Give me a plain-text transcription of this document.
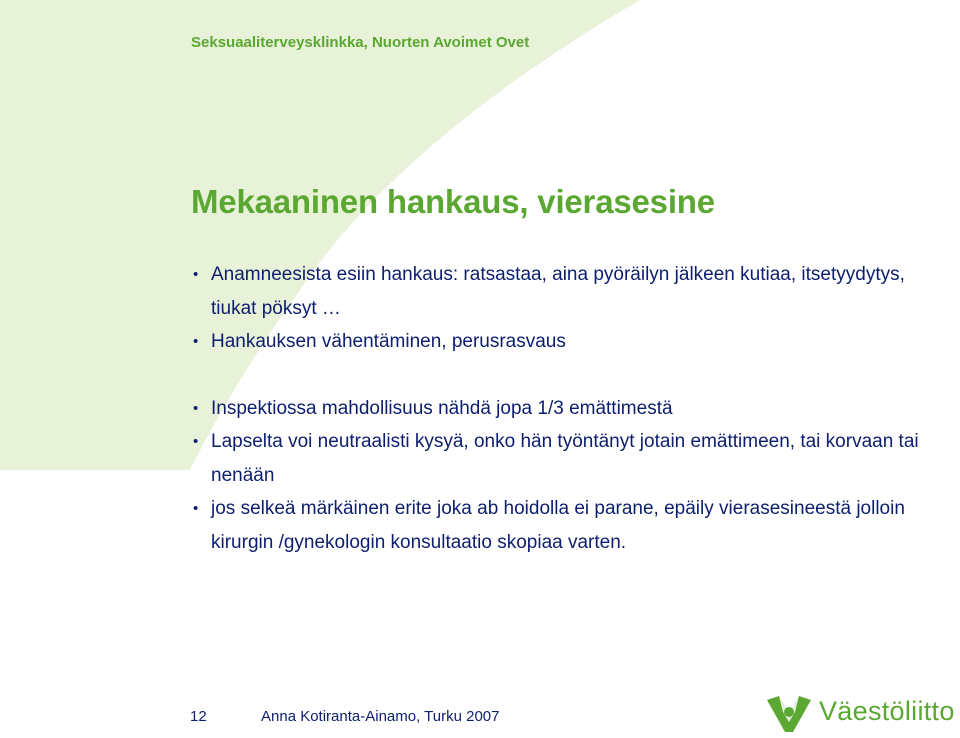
Seksuaaliterveysklinkka, Nuorten Avoimet Ovet
Mekaaninen hankaus, vierasesine
• Anamneesista esiin hankaus: ratsastaa, aina pyöräilyn jälkeen kutiaa, itsetyydytys, tiukat pöksyt …
• Hankauksen vähentäminen, perusrasvaus
• Inspektiossa mahdollisuus nähdä jopa 1/3 emättimestä
• Lapselta voi neutraalisti kysyä, onko hän työntänyt jotain emättimeen, tai korvaan tai nenään
• jos selkeä märkäinen erite joka ab hoidolla ei parane, epäily vierasesineestä jolloin kirurgin /gynekologin konsultaatio skopiaa varten.
12	Anna Kotiranta-Ainamo, Turku 2007	Väestöliitto
